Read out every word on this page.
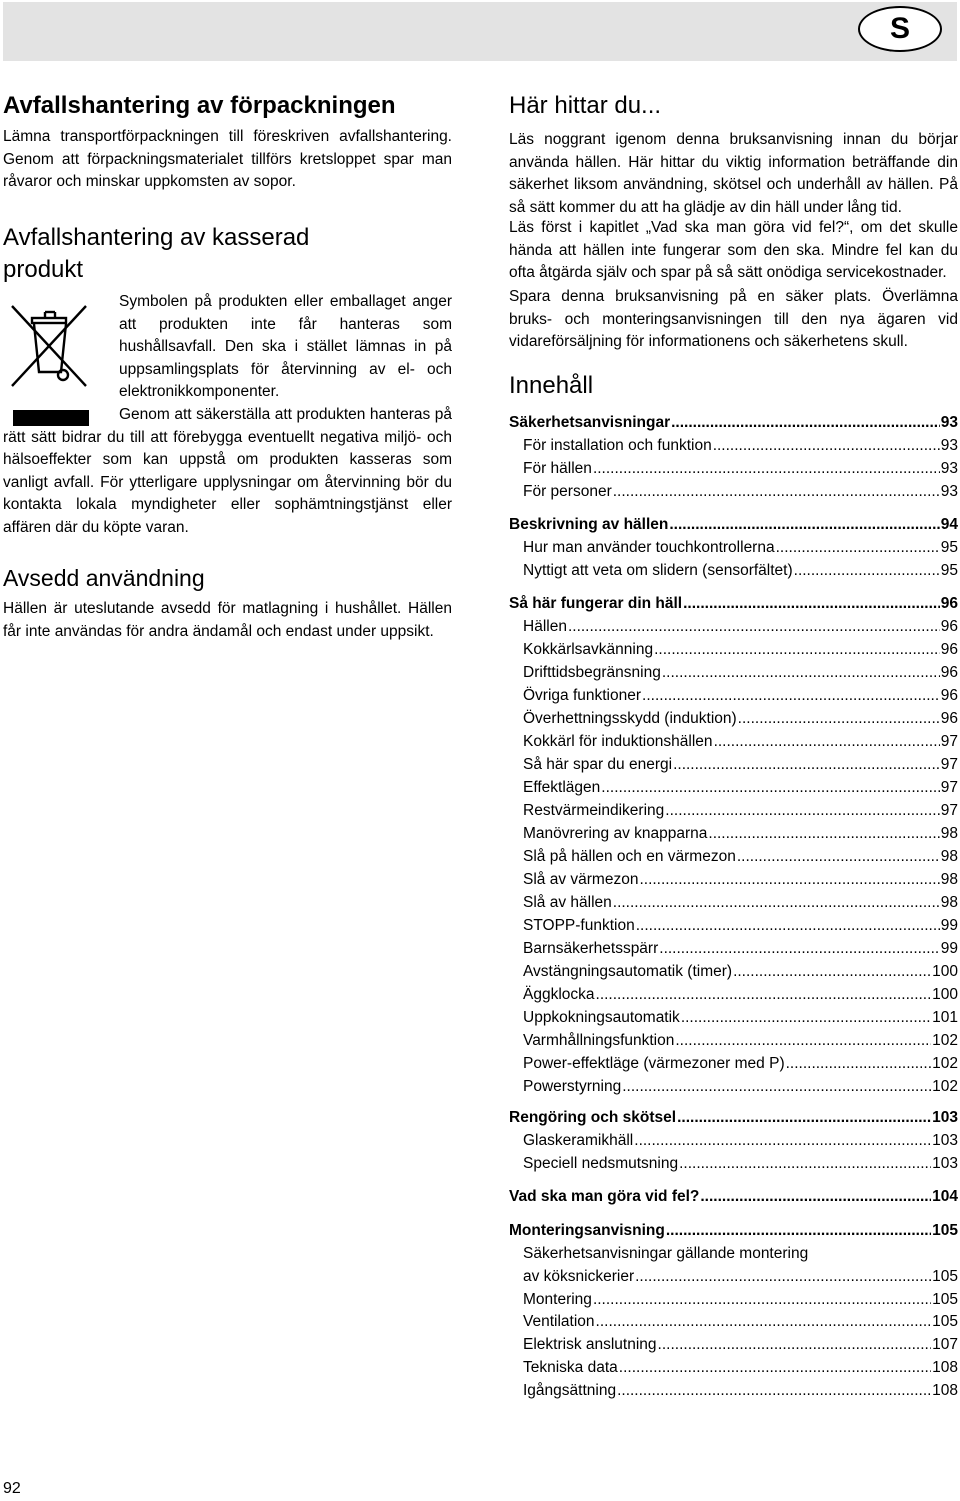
S
Avfallshantering av förpackningen

Lämna transportförpackningen till föreskriven avfallshantering. Genom att förpackningsmaterialet tillförs kretsloppet spar man råvaror och minskar uppkomsten av sopor.

Avfallshantering av kasserad
produkt

Symbolen på produkten eller emballaget anger att produkten inte får hanteras som hushållsavfall. Den ska i stället lämnas in på uppsamlingsplats för återvinning av el- och elektronikkomponenter.

Genom att säkerställa att produkten hanteras på rätt sätt bidrar du till att förebygga eventuellt negativa miljö- och hälsoeffekter som kan uppstå om produkten kasseras som vanligt avfall. För ytterligare upplysningar om återvinning bör du kontakta lokala myndigheter eller sophämtningstjänst eller affären där du köpte varan.

Avsedd användning

Hällen är uteslutande avsedd för matlagning i hushållet. Hällen får inte användas för andra ändamål och endast under uppsikt.

Här hittar du...

Läs noggrant igenom denna bruksanvisning innan du börjar använda hällen. Här hittar du viktig information beträffande din säkerhet liksom användning, skötsel och underhåll av hällen. På så sätt kommer du att ha glädje av din häll under lång tid.

Läs först i kapitlet „Vad ska man göra vid fel?“, om det skulle hända att hällen inte fungerar som den ska. Mindre fel kan du ofta åtgärda själv och spar på så sätt onödiga servicekostnader.

Spara denna bruksanvisning på en säker plats. Överlämna bruks- och monteringsanvisningen till den nya ägaren vid vidareförsäljning för informationens och säkerhetens skull.

Innehåll
Säkerhetsanvisningar .....	93
För installation och funktion .....	93
För hällen .....	93
För personer .....	93
Beskrivning av hällen .....	94
Hur man använder touchkontrollerna .....	95
Nyttigt att veta om slidern (sensorfältet) .....	95
Så här fungerar din häll .....	96
Hällen .....	96
Kokkärlsavkänning .....	96
Drifttidsbegränsning .....	96
Övriga funktioner .....	96
Överhettningsskydd (induktion) .....	96
Kokkärl för induktionshällen .....	97
Så här spar du energi .....	97
Effektlägen .....	97
Restvärmeindikering .....	97
Manövrering av knapparna .....	98
Slå på hällen och en värmezon .....	98
Slå av värmezon .....	98
Slå av hällen .....	98
STOPP-funktion .....	99
Barnsäkerhetsspärr .....	99
Avstängningsautomatik (timer) .....	100
Äggklocka .....	100
Uppkokningsautomatik .....	101
Varmhållningsfunktion .....	102
Power-effektläge (värmezoner med P) .....	102
Powerstyrning .....	102
Rengöring och skötsel .....	103
Glaskeramikhäll .....	103
Speciell nedsmutsning .....	103
Vad ska man göra vid fel? .....	104
Monteringsanvisning .....	105
Säkerhetsanvisningar gällande montering
av köksnickerier .....	105
Montering .....	105
Ventilation .....	105
Elektrisk anslutning .....	107
Tekniska data .....	108
Igångsättning .....	108
92
